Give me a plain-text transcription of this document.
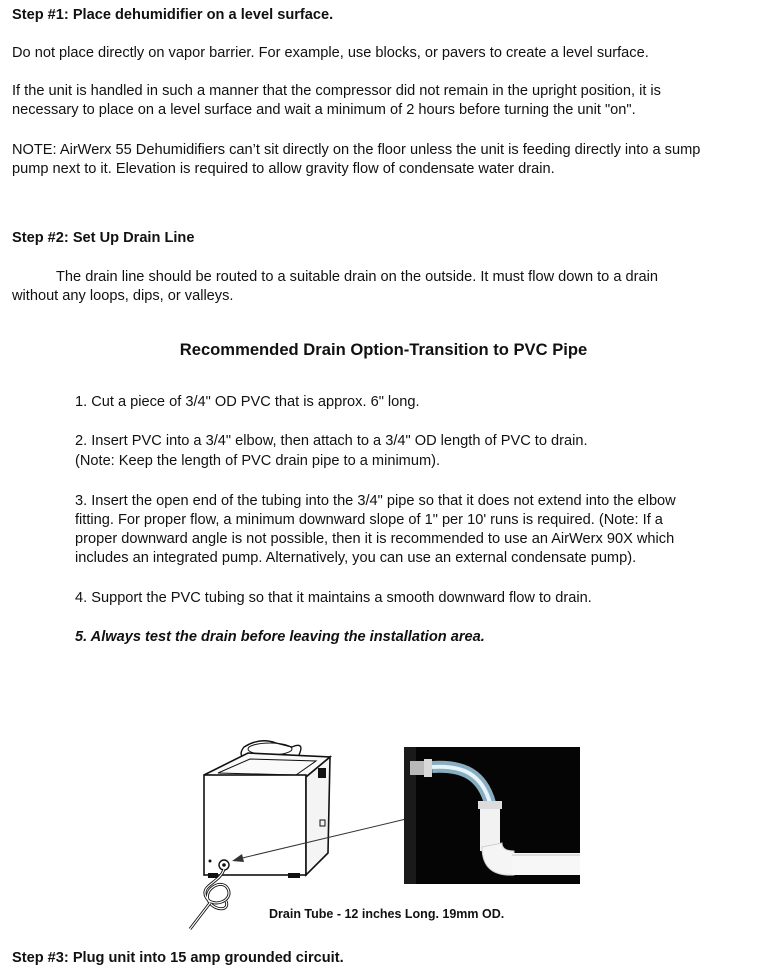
Step #1: Place dehumidifier on a level surface.
Do not place directly on vapor barrier. For example, use blocks, or pavers to create a level surface.
If the unit is handled in such a manner that the compressor did not remain in the upright position, it is
necessary to place on a level surface and wait a minimum of 2 hours before turning the unit "on".
NOTE: AirWerx 55 Dehumidifiers can’t sit directly on the floor unless the unit is feeding directly into a sump
pump next to it. Elevation is required to allow gravity flow of condensate water drain.
Step #2: Set Up Drain Line
The drain line should be routed to a suitable drain on the outside. It must flow down to a drain
without any loops, dips, or valleys.
Recommended Drain Option-Transition to PVC Pipe
1. Cut a piece of 3/4" OD PVC that is approx. 6" long.
2. Insert PVC into a 3/4" elbow, then attach to a 3/4" OD length of PVC to drain.
(Note: Keep the length of PVC drain pipe to a minimum).
3. Insert the open end of the tubing into the 3/4" pipe so that it does not extend into the elbow
fitting. For proper flow, a minimum downward slope of 1" per 10' runs is required. (Note: If a
proper downward angle is not possible, then it is recommended to use an AirWerx 90X which
includes an integrated pump. Alternatively, you can use an external condensate pump).
4. Support the PVC tubing so that it maintains a smooth downward flow to drain.
5. Always test the drain before leaving the installation area.
Drain Tube - 12 inches Long. 19mm OD.
Step #3: Plug unit into 15 amp grounded circuit.
